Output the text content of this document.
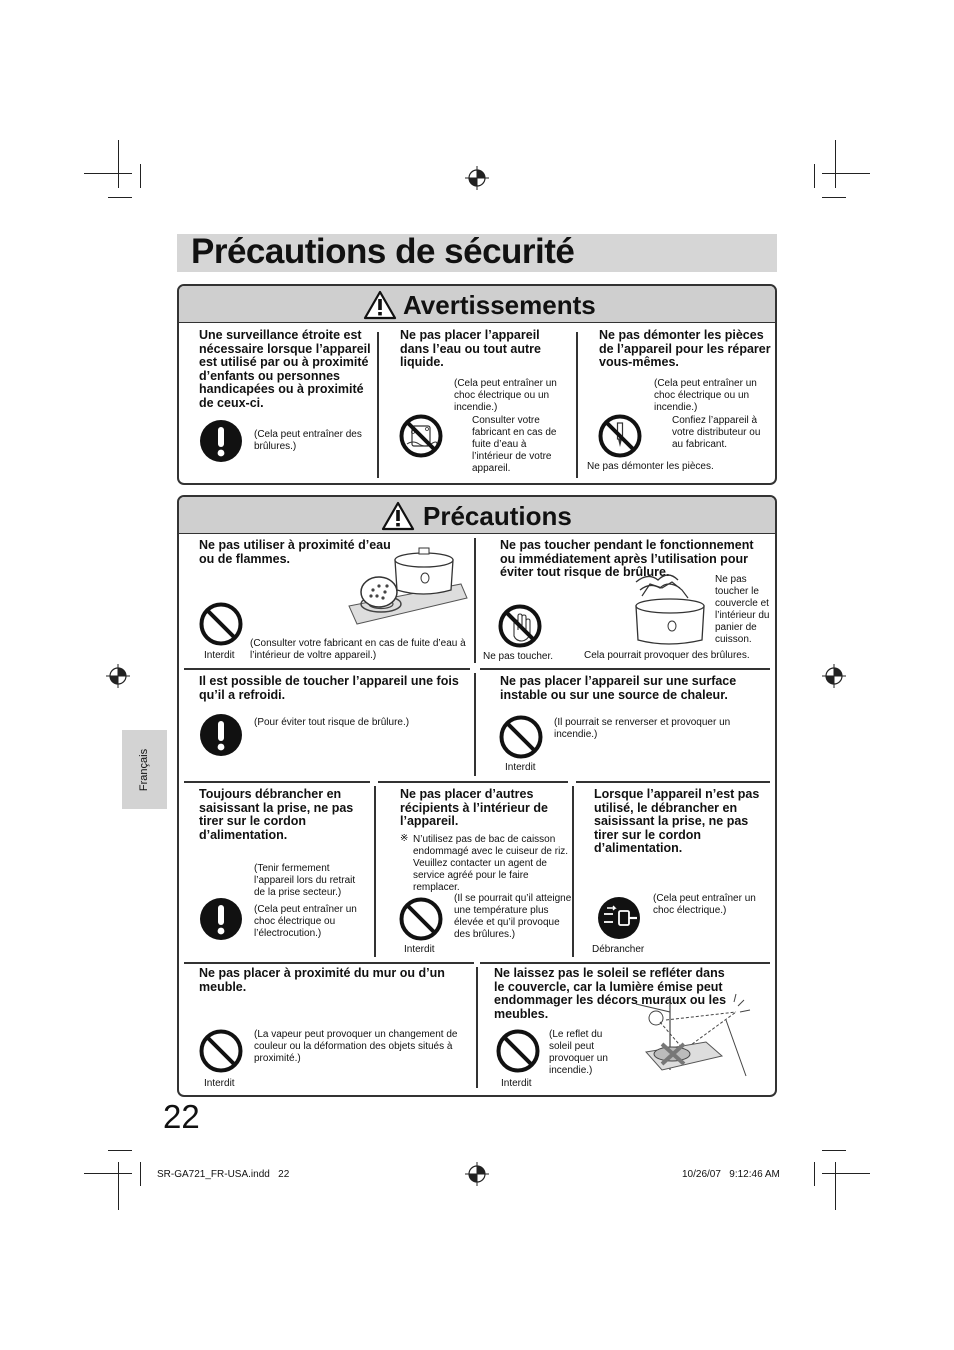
Précautions de sécurité
Français
Avertissements
Une surveillance étroite est nécessaire lorsque l’appareil est utilisé par ou à proximité d’enfants ou personnes handicapées ou à proximité de ceux-ci.
(Cela peut entraîner des brûlures.)
Ne pas placer l’appareil dans l’eau ou tout autre liquide.
(Cela peut entraîner un choc électrique ou un incendie.)
Consulter votre fabricant en cas de fuite d’eau à l’intérieur de votre appareil.
Ne pas démonter les pièces de l’appareil pour les réparer vous-mêmes.
(Cela peut entraîner un choc électrique ou un incendie.)
Confiez l’appareil à votre distributeur ou au fabricant.
Ne pas démonter les pièces.
Précautions
Ne pas utiliser à proximité d’eau ou de flammes.
Interdit
(Consulter votre fabricant en cas de fuite d’eau à l’intérieur de voltre appareil.)
Ne pas toucher pendant le fonctionnement ou immédiatement après l’utilisation pour éviter tout risque de brûlure.
Ne pas toucher le couvercle et l’intérieur du panier de cuisson.
Ne pas toucher.	Cela pourrait provoquer des brûlures.
Il est possible de toucher l’appareil une fois qu’il a refroidi.
(Pour éviter tout risque de brûlure.)
Ne pas placer l’appareil sur une surface instable ou sur une source de chaleur.
(Il pourrait se renverser et provoquer un incendie.)
Interdit
Toujours débrancher en saisissant la prise, ne pas tirer sur le cordon d’alimentation.
(Tenir fermement l’appareil lors du retrait de la prise secteur.)
(Cela peut entraîner un choc électrique ou l’électrocution.)
Ne pas placer d’autres récipients à l’intérieur de l’appareil.
※ N’utilisez pas de bac de caisson endommagé avec le cuiseur de riz. Veuillez contacter un agent de service agréé pour le faire remplacer.
(Il se pourrait qu’il atteigne une température plus élevée et qu’il provoque des brûlures.)
Interdit
Lorsque l’appareil n’est pas utilisé, le débrancher en saisissant la prise, ne pas tirer sur le cordon d’alimentation.
(Cela peut entraîner un choc électrique.)
Débrancher
Ne pas placer à proximité du mur ou d’un meuble.
(La vapeur peut provoquer un changement de couleur ou la déformation des objets situés à proximité.)
Interdit
Ne laissez pas le soleil se refléter dans le couvercle, car la lumière émise peut endommager les décors muraux ou les meubles.
(Le reflet du soleil peut provoquer un incendie.)
Interdit
22
SR-GA721_FR-USA.indd   22	10/26/07   9:12:46 AM
